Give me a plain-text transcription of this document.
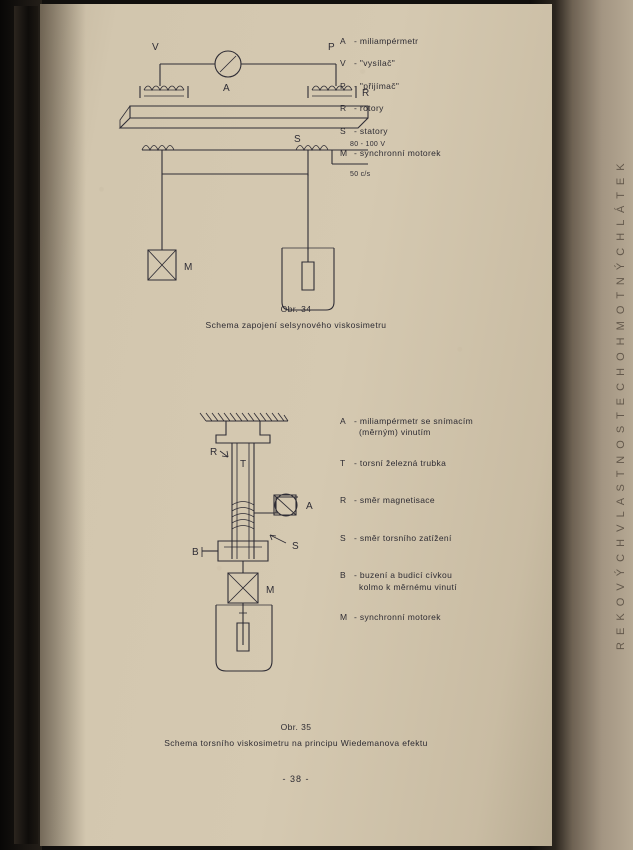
R E K O V Ý C H V L A S T N O S T E C H O H M O T N Ý C H L Á T E K
A
V	P
R
S	80 - 100 V
50 c/s
M
A - miliampérmetr
V - "vysílač"
P - "přijímač"
R - rotory
S - statory
M - synchronní motorek
Obr. 34
Schema zapojení selsynového viskosimetru
T
R
A
S
B
M
A - miliampérmetr se snímacím
(měrným) vinutím
T - torsní železná trubka
R - směr magnetisace
S - směr torsního zatížení
B - buzení a budicí cívkou
kolmo k měrnému vinutí
M - synchronní motorek
Obr. 35
Schema torsního viskosimetru na principu Wiedemanova efektu
- 38 -
